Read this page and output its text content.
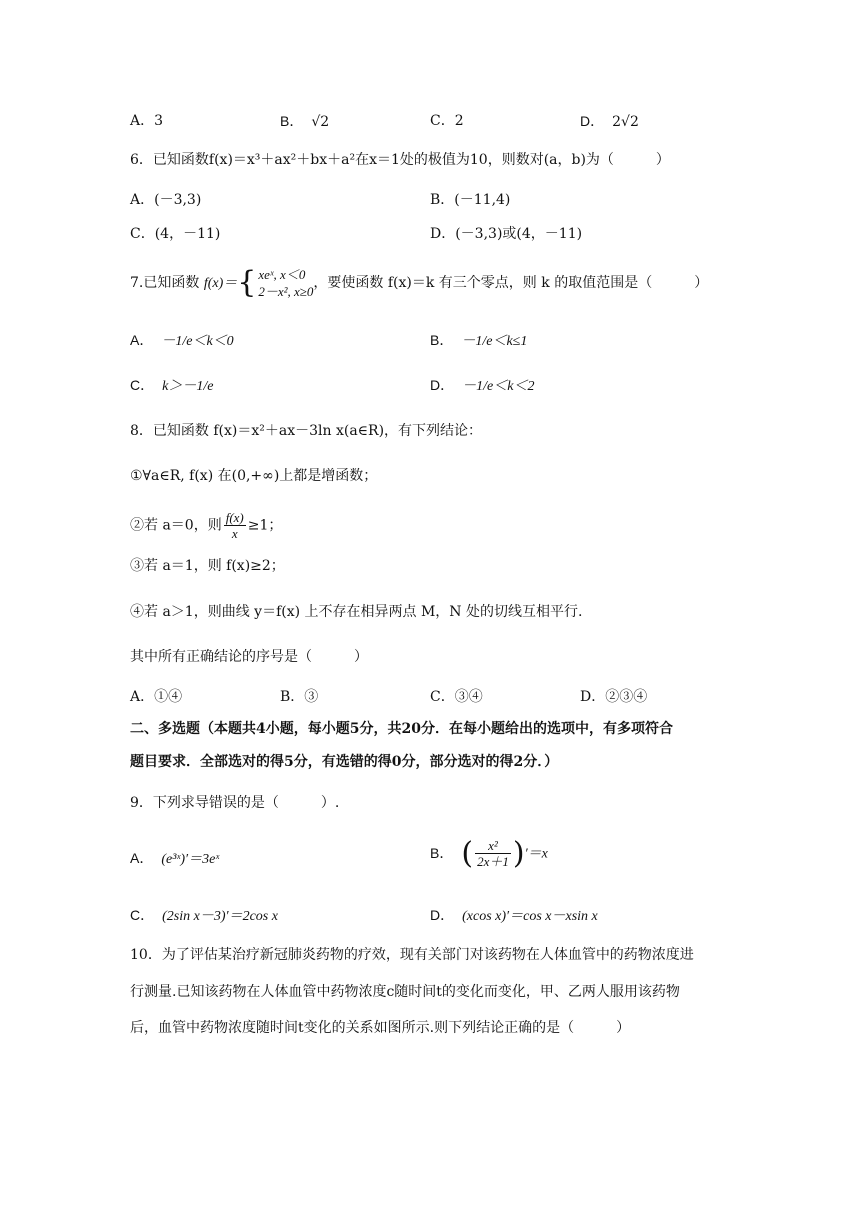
A．3	B． √2	C．2	D． 2√2
6．已知函数f(x)＝x³＋ax²＋bx＋a²在x＝1处的极值为10，则数对(a，b)为（　　　）
A．(－3,3)	B．(－11,4)
C．(4，－11)	D．(－3,3)或(4，－11)
7.已知函数 f(x)＝{ xeˣ, x＜0
2－x², x≥0
，要使函数 f(x)＝k 有三个零点，则 k 的取值范围是（　　　）
A． －1/e＜k＜0	B． －1/e＜k≤1
C． k＞－1/e	D． －1/e＜k＜2
8．已知函数 f(x)＝x²＋ax－3ln x(a∈R)，有下列结论：
①∀a∈R, f(x) 在(0,+∞)上都是增函数；
②若 a＝0，则 $\frac{f(x)}{x} \ge 1$；
③若 a＝1，则 f(x)≥2；
④若 a＞1，则曲线 y＝f(x) 上不存在相异两点 M，N 处的切线互相平行.
其中所有正确结论的序号是（　　　）
A．①④	B．③	C．③④	D．②③④
二、多选题（本题共4小题，每小题5分，共20分．在每小题给出的选项中，有多项符合
题目要求．全部选对的得5分，有选错的得0分，部分选对的得2分．）
9．下列求导错误的是（　　　）.
A． (e³ˣ)′＝3eˣ	B． ( $\frac{\text{x²}}{2x+1} )'=x$
C． (2sin x－3)′＝2cos x	D． (xcos x)′＝cos x－xsin x
10．为了评估某治疗新冠肺炎药物的疗效，现有关部门对该药物在人体血管中的药物浓度进
行测量.已知该药物在人体血管中药物浓度c随时间t的变化而变化，甲、乙两人服用该药物
后，血管中药物浓度随时间t变化的关系如图所示.则下列结论正确的是（　　　）
